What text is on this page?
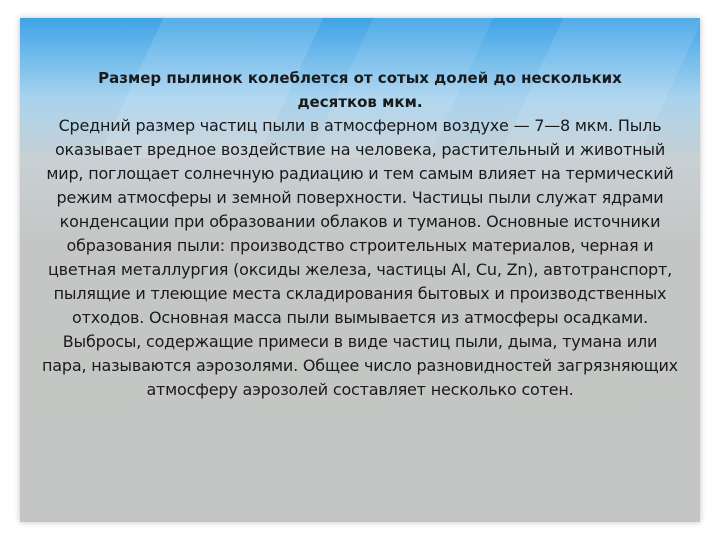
Размер пылинок колеблется от сотых долей до нескольких десятков мкм.
Средний размер частиц пыли в атмосферном воздухе — 7—8 мкм. Пыль оказывает вредное воздействие на человека, растительный и животный мир, поглощает солнечную радиацию и тем самым влияет на термический режим атмосферы и земной поверхности. Частицы пыли служат ядрами конденсации при образовании облаков и туманов. Основные источники образования пыли: производство строительных материалов, черная и цветная металлургия (оксиды железа, частицы Al, Cu, Zn), автотранспорт, пылящие и тлеющие места складирования бытовых и производственных отходов. Основная масса пыли вымывается из атмосферы осадками. Выбросы, содержащие примеси в виде частиц пыли, дыма, тумана или пара, называются аэрозолями. Общее число разновидностей загрязняющих атмосферу аэрозолей составляет несколько сотен.
